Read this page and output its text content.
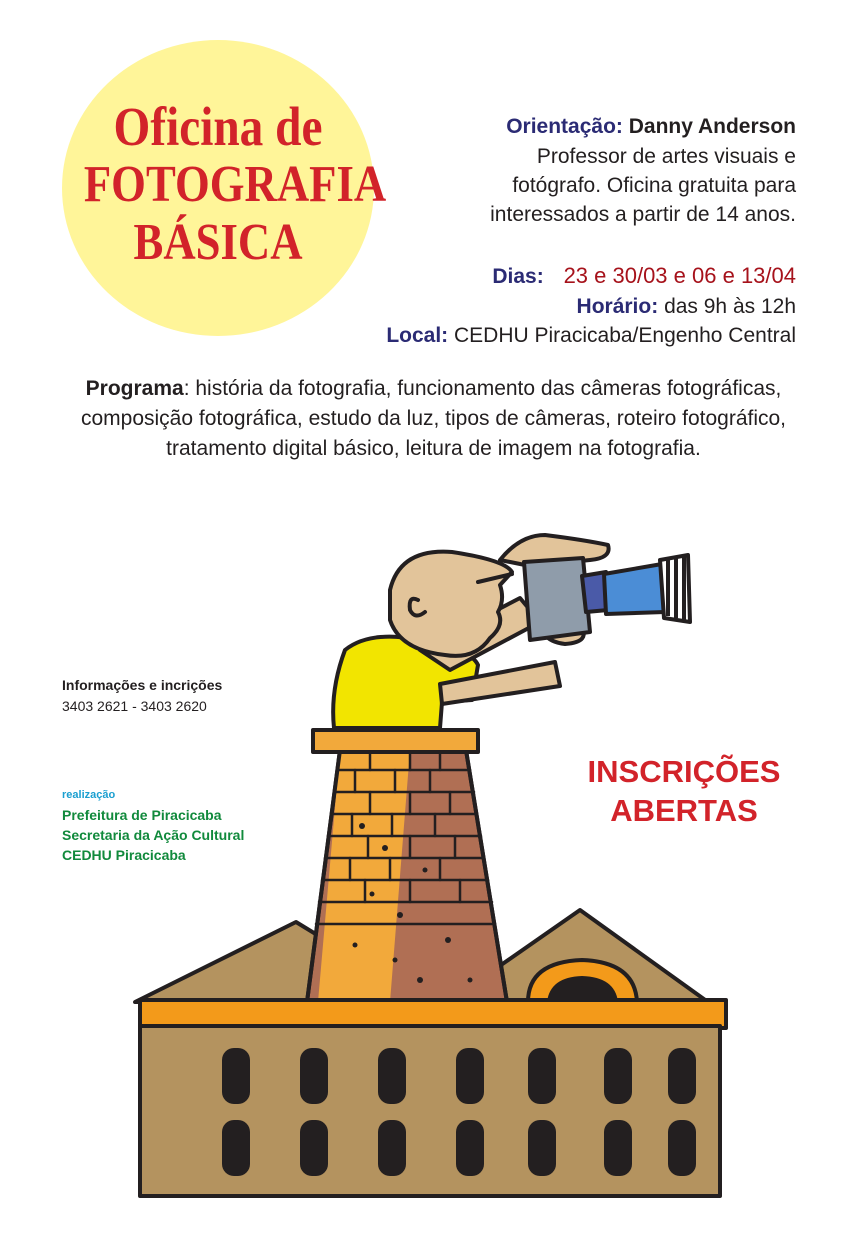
Oficina de
FOTOGRAFIA
BÁSICA
Orientação: Danny Anderson
Professor de artes visuais e
fotógrafo. Oficina gratuita para
interessados a partir de 14 anos.
Dias: 23 e 30/03 e 06 e 13/04
Horário: das 9h às 12h
Local: CEDHU Piracicaba/Engenho Central
Programa: história da fotografia, funcionamento das câmeras fotográficas,
composição fotográfica, estudo da luz, tipos de câmeras, roteiro fotográfico,
tratamento digital básico, leitura de imagem na fotografia.
Informações e incrições
3403 2621 - 3403 2620
realização
Prefeitura de Piracicaba
Secretaria da Ação Cultural
CEDHU Piracicaba
INSCRIÇÕES
ABERTAS
